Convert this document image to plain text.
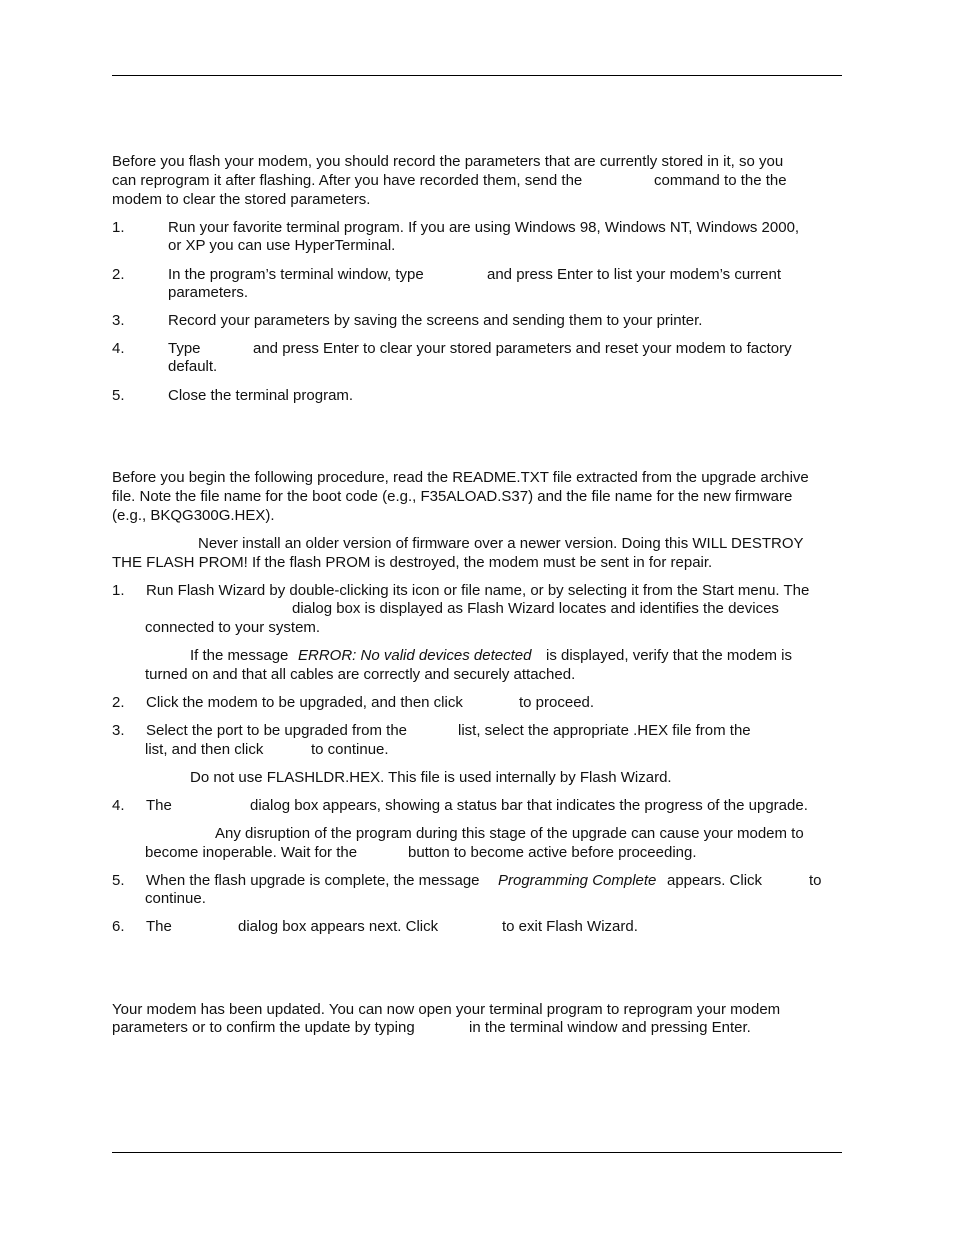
Before you flash your modem, you should record the parameters that are currently stored in it, so you

can reprogram it after flashing. After you have recorded them, send the	command to the the

modem to clear the stored parameters.

1.	Run your favorite terminal program. If you are using Windows 98, Windows NT, Windows 2000,

or XP you can use HyperTerminal.

2.	In the program’s terminal window, type	and press Enter to list your modem’s current

parameters.

3.	Record your parameters by saving the screens and sending them to your printer.

4.	Type	and press Enter to clear your stored parameters and reset your modem to factory

default.

5.	Close the terminal program.

Before you begin the following procedure, read the README.TXT file extracted from the upgrade archive

file. Note the file name for the boot code (e.g., F35ALOAD.S37) and the file name for the new firmware

(e.g., BKQG300G.HEX).

Never install an older version of firmware over a newer version. Doing this WILL DESTROY

THE FLASH PROM! If the flash PROM is destroyed, the modem must be sent in for repair.

1. Run Flash Wizard by double-clicking its icon or file name, or by selecting it from the Start menu. The

dialog box is displayed as Flash Wizard locates and identifies the devices

connected to your system.

If the message ERROR: No valid devices detected is displayed, verify that the modem is

turned on and that all cables are correctly and securely attached.

2. Click the modem to be upgraded, and then click	to proceed.

3. Select the port to be upgraded from the	list, select the appropriate .HEX file from the

list, and then click	to continue.

Do not use FLASHLDR.HEX. This file is used internally by Flash Wizard.

4. The	dialog box appears, showing a status bar that indicates the progress of the upgrade.

Any disruption of the program during this stage of the upgrade can cause your modem to

become inoperable. Wait for the	button to become active before proceeding.

5. When the flash upgrade is complete, the message Programming Complete appears. Click	to

continue.

6. The	dialog box appears next. Click	to exit Flash Wizard.

Your modem has been updated. You can now open your terminal program to reprogram your modem

parameters or to confirm the update by typing	in the terminal window and pressing Enter.
